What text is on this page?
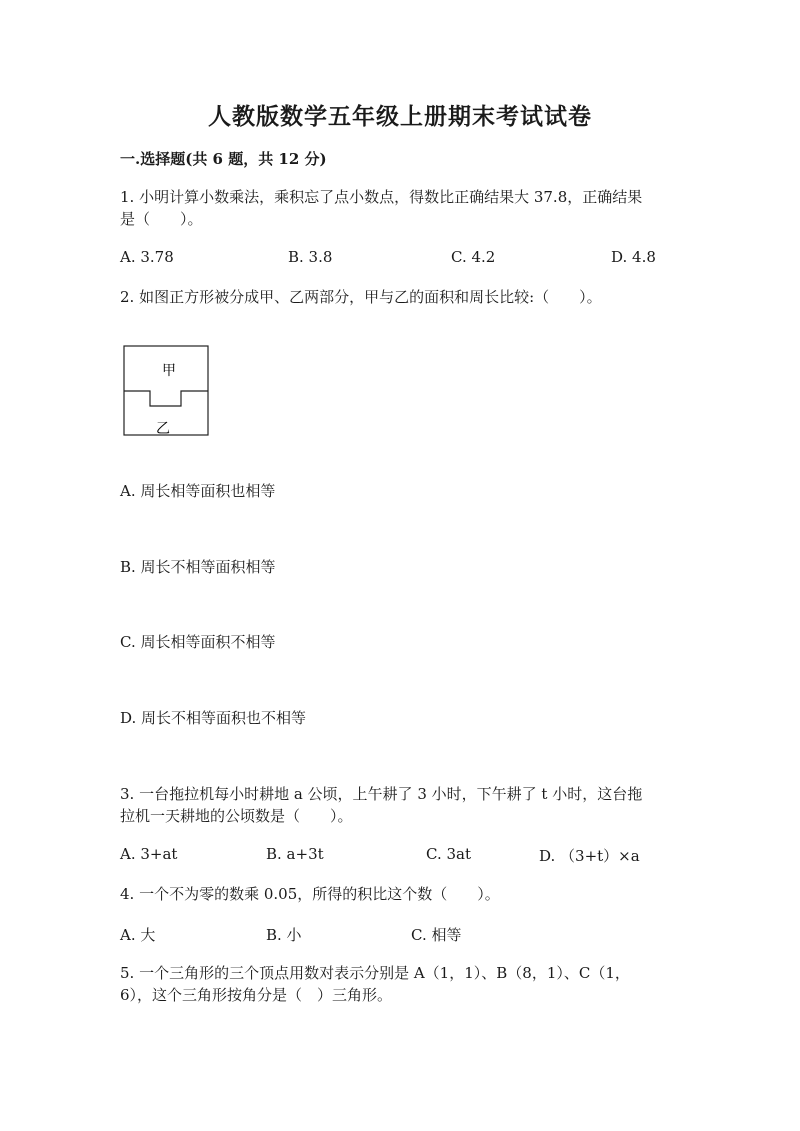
人教版数学五年级上册期末考试试卷
一.选择题(共 6 题，共 12 分)
1. 小明计算小数乘法，乘积忘了点小数点，得数比正确结果大 37.8，正确结果
是（　　）。
A. 3.78	B. 3.8	C. 4.2	D. 4.8
2. 如图正方形被分成甲、乙两部分，甲与乙的面积和周长比较:（　　）。
甲
乙
A. 周长相等面积也相等
B. 周长不相等面积相等
C. 周长相等面积不相等
D. 周长不相等面积也不相等
3. 一台拖拉机每小时耕地 a 公顷，上午耕了 3 小时，下午耕了 t 小时，这台拖
拉机一天耕地的公顷数是（　　）。
A. 3+at	B. a+3t	C. 3at	D. （3+t）×a
4. 一个不为零的数乘 0.05，所得的积比这个数（　　）。
A. 大	B. 小	C. 相等
5. 一个三角形的三个顶点用数对表示分别是 A（1，1）、B（8，1）、C（1，
6），这个三角形按角分是（　）三角形。
